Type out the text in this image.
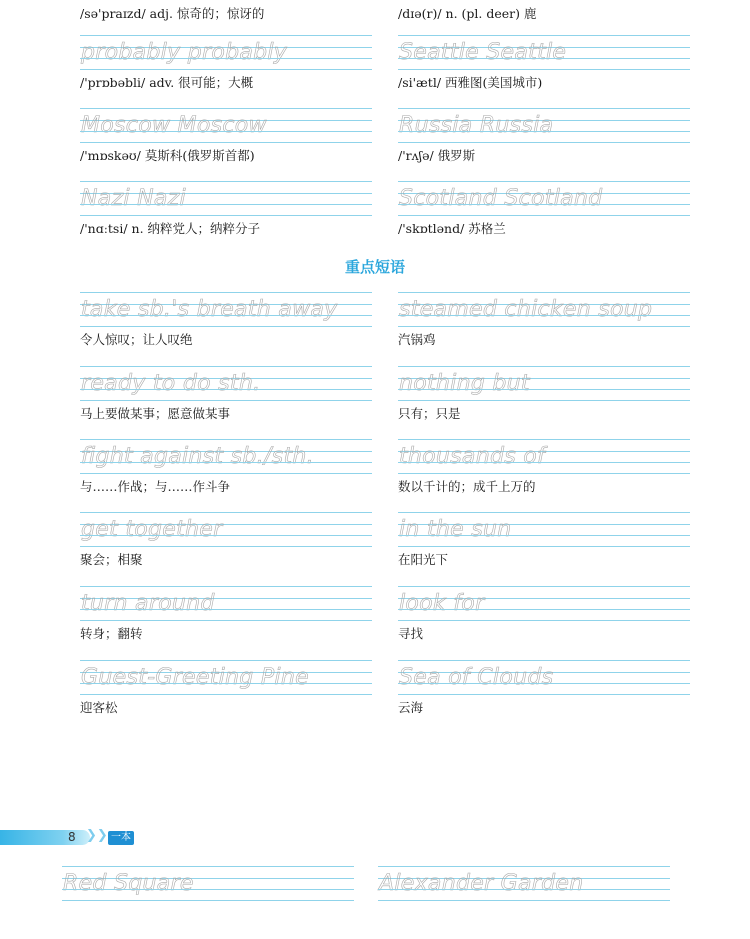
/sə'praɪzd/ adj. 惊奇的；惊讶的	/dɪə(r)/ n. (pl. deer) 鹿
probably probably
/'prɒbəbli/ adv. 很可能；大概
Seattle Seattle
/si'ætl/ 西雅图(美国城市)
Moscow Moscow
/'mɒskəʊ/ 莫斯科(俄罗斯首都)
Russia Russia
/'rʌʃə/ 俄罗斯
Nazi Nazi
/'nɑːtsi/ n. 纳粹党人；纳粹分子
Scotland Scotland
/'skɒtlənd/ 苏格兰
重点短语
take sb.'s breath away
令人惊叹；让人叹绝
steamed chicken soup
汽锅鸡
ready to do sth.
马上要做某事；愿意做某事
nothing but
只有；只是
fight against sb./sth.
与……作战；与……作斗争
thousands of
数以千计的；成千上万的
get together
聚会；相聚
in the sun
在阳光下
turn around
转身；翻转
look for
寻找
Guest-Greeting Pine
迎客松
Sea of Clouds
云海
8 ❯❯ 一本
Red Square	Alexander Garden
